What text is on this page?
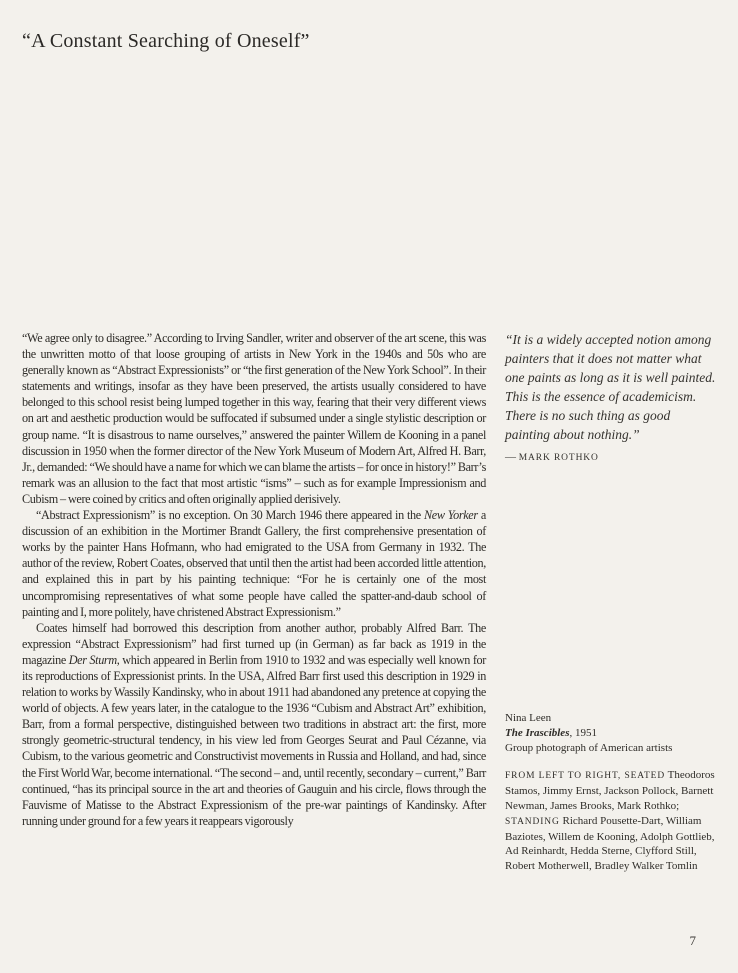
“A Constant Searching of Oneself”

“We agree only to disagree.” According to Irving Sandler, writer and observer of the art scene, this was the unwritten motto of that loose grouping of artists in New York in the 1940s and 50s who are generally known as “Abstract Expressionists” or “the first generation of the New York School”. In their statements and writings, insofar as they have been preserved, the artists usually considered to have belonged to this school resist being lumped together in this way, fearing that their very different views on art and aesthetic production would be suffocated if subsumed under a single stylistic description or group name. “It is disastrous to name ourselves,” answered the painter Willem de Kooning in a panel discussion in 1950 when the former director of the New York Museum of Modern Art, Alfred H. Barr, Jr., demanded: “We should have a name for which we can blame the artists – for once in history!” Barr’s remark was an allusion to the fact that most artistic “isms” – such as for example Impressionism and Cubism – were coined by critics and often originally applied derisively.

“Abstract Expressionism” is no exception. On 30 March 1946 there appeared in the New Yorker a discussion of an exhibition in the Mortimer Brandt Gallery, the first comprehensive presentation of works by the painter Hans Hofmann, who had emigrated to the USA from Germany in 1932. The author of the review, Robert Coates, observed that until then the artist had been accorded little attention, and explained this in part by his painting technique: “For he is certainly one of the most uncompromising representatives of what some people have called the spatter-and-daub school of painting and I, more politely, have christened Abstract Expressionism.”

Coates himself had borrowed this description from another author, probably Alfred Barr. The expression “Abstract Expressionism” had first turned up (in German) as far back as 1919 in the magazine Der Sturm, which appeared in Berlin from 1910 to 1932 and was especially well known for its reproductions of Expressionist prints. In the USA, Alfred Barr first used this description in 1929 in relation to works by Wassily Kandinsky, who in about 1911 had abandoned any pretence at copying the world of objects. A few years later, in the catalogue to the 1936 “Cubism and Abstract Art” exhibition, Barr, from a formal perspective, distinguished between two traditions in abstract art: the first, more strongly geometric-structural tendency, in his view led from Georges Seurat and Paul Cézanne, via Cubism, to the various geometric and Constructivist movements in Russia and Holland, and had, since the First World War, become international. “The second – and, until recently, secondary – current,” Barr continued, “has its principal source in the art and theories of Gauguin and his circle, flows through the Fauvisme of Matisse to the Abstract Expressionism of the pre-war paintings of Kandinsky. After running under ground for a few years it reappears vigorously

“It is a widely accepted notion among painters that it does not matter what one paints as long as it is well painted. This is the essence of academicism. There is no such thing as good painting about nothing.”

— MARK ROTHKO

Nina Leen

The Irascibles, 1951

Group photograph of American artists

FROM LEFT TO RIGHT, SEATED Theodoros Stamos, Jimmy Ernst, Jackson Pollock, Barnett Newman, James Brooks, Mark Rothko; STANDING Richard Pousette-Dart, William Baziotes, Willem de Kooning, Adolph Gottlieb, Ad Reinhardt, Hedda Sterne, Clyfford Still, Robert Motherwell, Bradley Walker Tomlin

7
